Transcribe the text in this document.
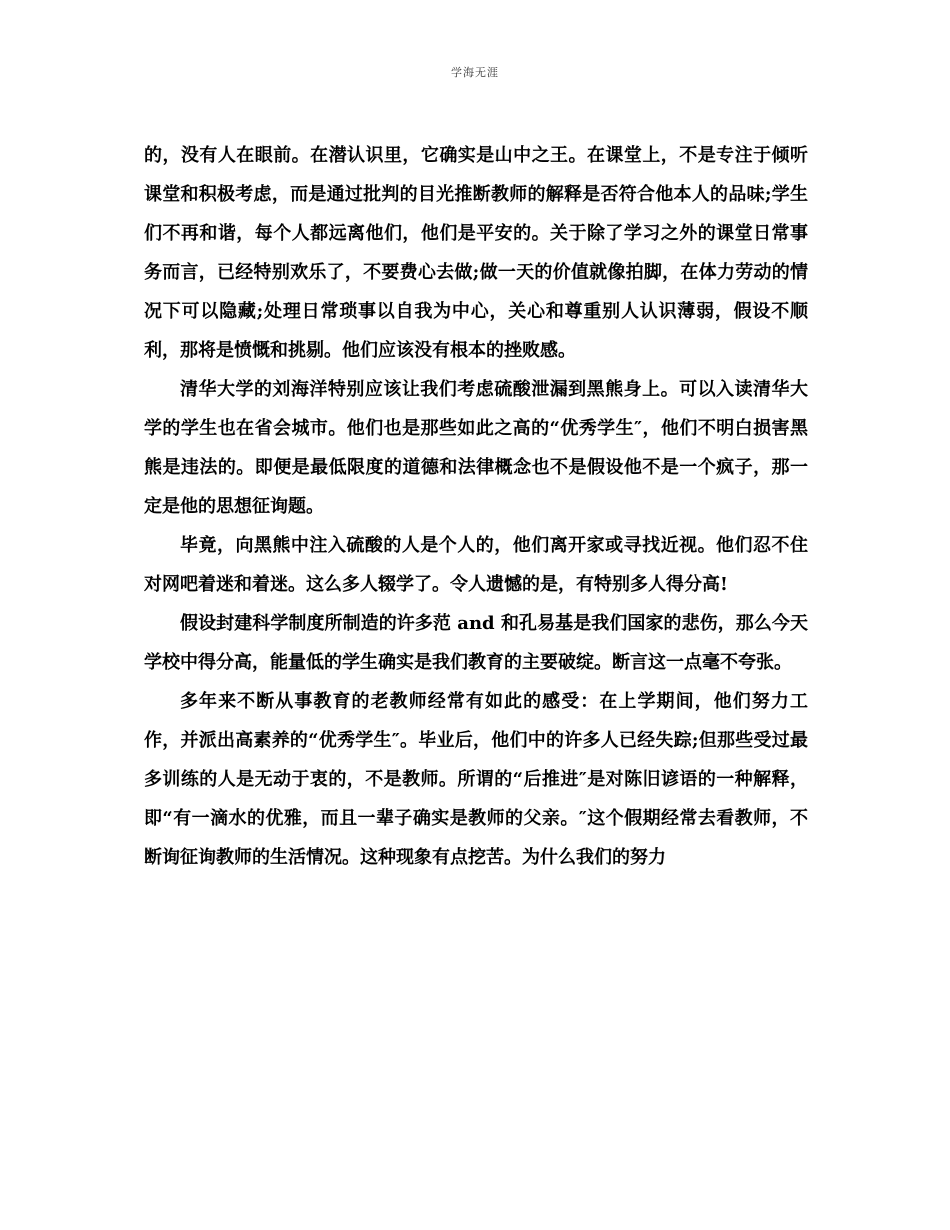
学海无涯

的，没有人在眼前。在潜认识里，它确实是山中之王。在课堂上，不是专注于倾听课堂和积极考虑，而是通过批判的目光推断教师的解释是否符合他本人的品味;学生们不再和谐，每个人都远离他们，他们是平安的。关于除了学习之外的课堂日常事务而言，已经特别欢乐了，不要费心去做;做一天的价值就像拍脚，在体力劳动的情况下可以隐藏;处理日常琐事以自我为中心，关心和尊重别人认识薄弱，假设不顺利，那将是愤慨和挑剔。他们应该没有根本的挫败感。

清华大学的刘海洋特别应该让我们考虑硫酸泄漏到黑熊身上。可以入读清华大学的学生也在省会城市。他们也是那些如此之高的“优秀学生″，他们不明白损害黑熊是违法的。即便是最低限度的道德和法律概念也不是假设他不是一个疯子，那一定是他的思想征询题。

毕竟，向黑熊中注入硫酸的人是个人的，他们离开家或寻找近视。他们忍不住对网吧着迷和着迷。这么多人辍学了。令人遗憾的是，有特别多人得分高!

假设封建科学制度所制造的许多范 and 和孔易基是我们国家的悲伤，那么今天学校中得分高，能量低的学生确实是我们教育的主要破绽。断言这一点毫不夸张。

多年来不断从事教育的老教师经常有如此的感受：在上学期间，他们努力工作，并派出高素养的“优秀学生″。毕业后，他们中的许多人已经失踪;但那些受过最多训练的人是无动于衷的，不是教师。所谓的“后推进″是对陈旧谚语的一种解释，即“有一滴水的优雅，而且一辈子确实是教师的父亲。″这个假期经常去看教师，不断询征询教师的生活情况。这种现象有点挖苦。为什么我们的努力
